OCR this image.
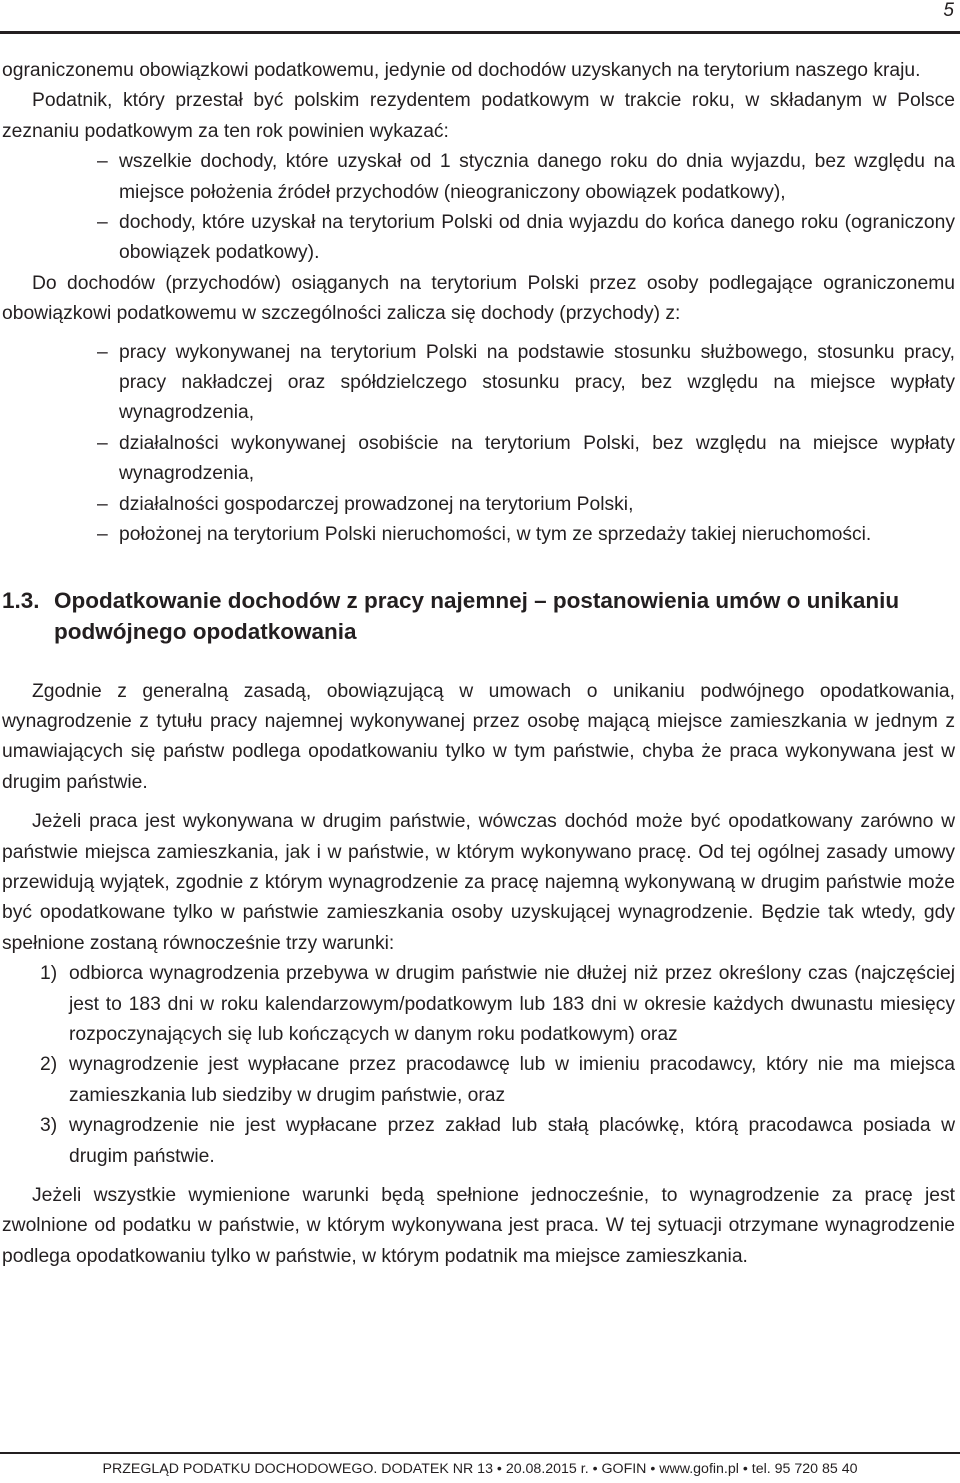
5

ograniczonemu obowiązkowi podatkowemu, jedynie od dochodów uzyskanych na terytorium naszego kraju.

Podatnik, który przestał być polskim rezydentem podatkowym w trakcie roku, w składanym w Polsce zeznaniu podatkowym za ten rok powinien wykazać:

– wszelkie dochody, które uzyskał od 1 stycznia danego roku do dnia wyjazdu, bez względu na miejsce położenia źródeł przychodów (nieograniczony obowiązek podatkowy),
– dochody, które uzyskał na terytorium Polski od dnia wyjazdu do końca danego roku (ograniczony obowiązek podatkowy).

Do dochodów (przychodów) osiąganych na terytorium Polski przez osoby podlegające ograniczonemu obowiązkowi podatkowemu w szczególności zalicza się dochody (przychody) z:

– pracy wykonywanej na terytorium Polski na podstawie stosunku służbowego, stosunku pracy, pracy nakładczej oraz spółdzielczego stosunku pracy, bez względu na miejsce wypłaty wynagrodzenia,
– działalności wykonywanej osobiście na terytorium Polski, bez względu na miejsce wypłaty wynagrodzenia,
– działalności gospodarczej prowadzonej na terytorium Polski,
– położonej na terytorium Polski nieruchomości, w tym ze sprzedaży takiej nieruchomości.
1.3. Opodatkowanie dochodów z pracy najemnej – postanowienia umów o unikaniu podwójnego opodatkowania

Zgodnie z generalną zasadą, obowiązującą w umowach o unikaniu podwójnego opodatkowania, wynagrodzenie z tytułu pracy najemnej wykonywanej przez osobę mającą miejsce zamieszkania w jednym z umawiających się państw podlega opodatkowaniu tylko w tym państwie, chyba że praca wykonywana jest w drugim państwie.

Jeżeli praca jest wykonywana w drugim państwie, wówczas dochód może być opodatkowany zarówno w państwie miejsca zamieszkania, jak i w państwie, w którym wykonywano pracę. Od tej ogólnej zasady umowy przewidują wyjątek, zgodnie z którym wynagrodzenie za pracę najemną wykonywaną w drugim państwie może być opodatkowane tylko w państwie zamieszkania osoby uzyskującej wynagrodzenie. Będzie tak wtedy, gdy spełnione zostaną równocześnie trzy warunki:

1) odbiorca wynagrodzenia przebywa w drugim państwie nie dłużej niż przez określony czas (najczęściej jest to 183 dni w roku kalendarzowym/podatkowym lub 183 dni w okresie każdych dwunastu miesięcy rozpoczynających się lub kończących w danym roku podatkowym) oraz
2) wynagrodzenie jest wypłacane przez pracodawcę lub w imieniu pracodawcy, który nie ma miejsca zamieszkania lub siedziby w drugim państwie, oraz
3) wynagrodzenie nie jest wypłacane przez zakład lub stałą placówkę, którą pracodawca posiada w drugim państwie.

Jeżeli wszystkie wymienione warunki będą spełnione jednocześnie, to wynagrodzenie za pracę jest zwolnione od podatku w państwie, w którym wykonywana jest praca. W tej sytuacji otrzymane wynagrodzenie podlega opodatkowaniu tylko w państwie, w którym podatnik ma miejsce zamieszkania.

PRZEGLĄD PODATKU DOCHODOWEGO. DODATEK NR 13 • 20.08.2015 r. • GOFIN • www.gofin.pl • tel. 95 720 85 40
